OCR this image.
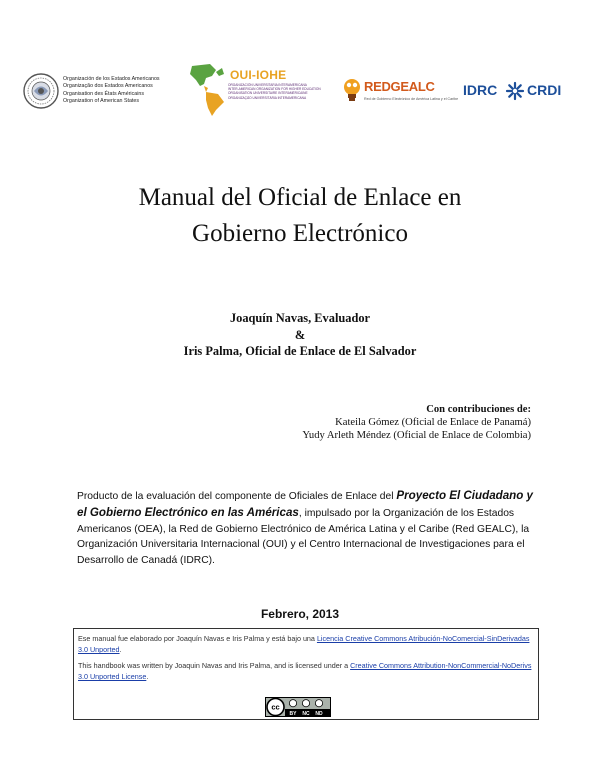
Organización de los Estados Americanos
Organização dos Estados Americanos
Organisation des États Américains
Organization of American States
OUI-IOHE
ORGANIZACIÓN UNIVERSITARIA INTERAMERICANA
INTER-AMERICAN ORGANIZATION FOR HIGHER EDUCATION
ORGANISATION UNIVERSITAIRE INTERAMÉRICAINE
ORGANIZAÇÃO UNIVERSITÁRIA INTERAMERICANA
REDGEALC
Red de Gobierno Electrónico de América Latina y el Caribe
IDRC CRDI
Manual del Oficial de Enlace en
Gobierno Electrónico
Joaquín Navas, Evaluador
&
Iris Palma, Oficial de Enlace de El Salvador
Con contribuciones de:
Kateila Gómez (Oficial de Enlace de Panamá)
Yudy Arleth Méndez (Oficial de Enlace de Colombia)
Producto de la evaluación del componente de Oficiales de Enlace del Proyecto El Ciudadano y el Gobierno Electrónico en las Américas, impulsado por la Organización de los Estados Americanos (OEA), la Red de Gobierno Electrónico de América Latina y el Caribe (Red GEALC), la Organización Universitaria Internacional (OUI) y el Centro Internacional de Investigaciones para el Desarrollo de Canadá (IDRC).
Febrero, 2013

Ese manual fue elaborado por Joaquín Navas e Iris Palma y está bajo una Licencia Creative Commons Atribución-NoComercial-SinDerivadas 3.0 Unported.

This handbook was written by Joaquin Navas and Iris Palma, and is licensed under a Creative Commons Attribution-NonCommercial-NoDerivs 3.0 Unported License.

cc
BY NC ND
